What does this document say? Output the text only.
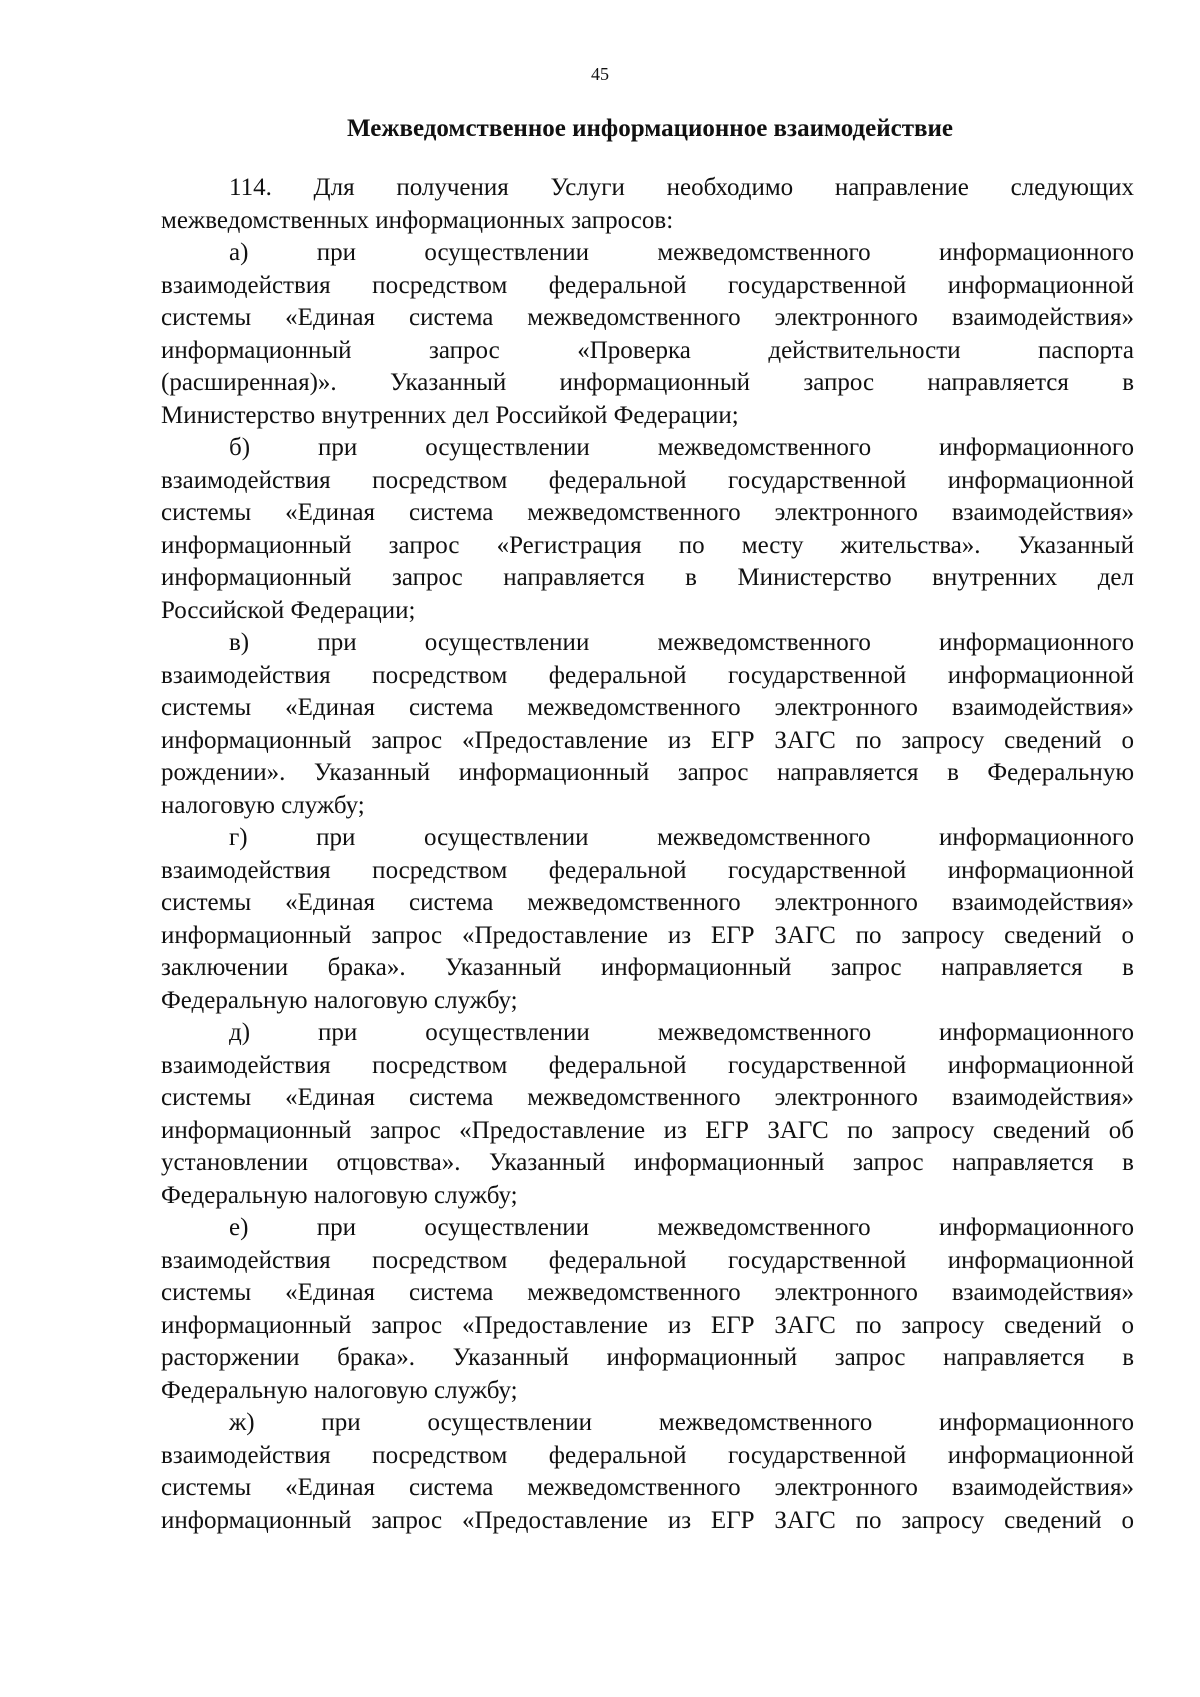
45
Межведомственное информационное взаимодействие
114. Для получения Услуги необходимо направление следующих
межведомственных информационных запросов:
а) при осуществлении межведомственного информационного
взаимодействия посредством федеральной государственной информационной
системы «Единая система межведомственного электронного взаимодействия»
информационный запрос «Проверка действительности паспорта
(расширенная)». Указанный информационный запрос направляется в
Министерство внутренних дел Российкой Федерации;
б) при осуществлении межведомственного информационного
взаимодействия посредством федеральной государственной информационной
системы «Единая система межведомственного электронного взаимодействия»
информационный запрос «Регистрация по месту жительства». Указанный
информационный запрос направляется в Министерство внутренних дел
Российской Федерации;
в) при осуществлении межведомственного информационного
взаимодействия посредством федеральной государственной информационной
системы «Единая система межведомственного электронного взаимодействия»
информационный запрос «Предоставление из ЕГР ЗАГС по запросу сведений о
рождении». Указанный информационный запрос направляется в Федеральную
налоговую службу;
г) при осуществлении межведомственного информационного
взаимодействия посредством федеральной государственной информационной
системы «Единая система межведомственного электронного взаимодействия»
информационный запрос «Предоставление из ЕГР ЗАГС по запросу сведений о
заключении брака». Указанный информационный запрос направляется в
Федеральную налоговую службу;
д) при осуществлении межведомственного информационного
взаимодействия посредством федеральной государственной информационной
системы «Единая система межведомственного электронного взаимодействия»
информационный запрос «Предоставление из ЕГР ЗАГС по запросу сведений об
установлении отцовства». Указанный информационный запрос направляется в
Федеральную налоговую службу;
е) при осуществлении межведомственного информационного
взаимодействия посредством федеральной государственной информационной
системы «Единая система межведомственного электронного взаимодействия»
информационный запрос «Предоставление из ЕГР ЗАГС по запросу сведений о
расторжении брака». Указанный информационный запрос направляется в
Федеральную налоговую службу;
ж) при осуществлении межведомственного информационного
взаимодействия посредством федеральной государственной информационной
системы «Единая система межведомственного электронного взаимодействия»
информационный запрос «Предоставление из ЕГР ЗАГС по запросу сведений о
